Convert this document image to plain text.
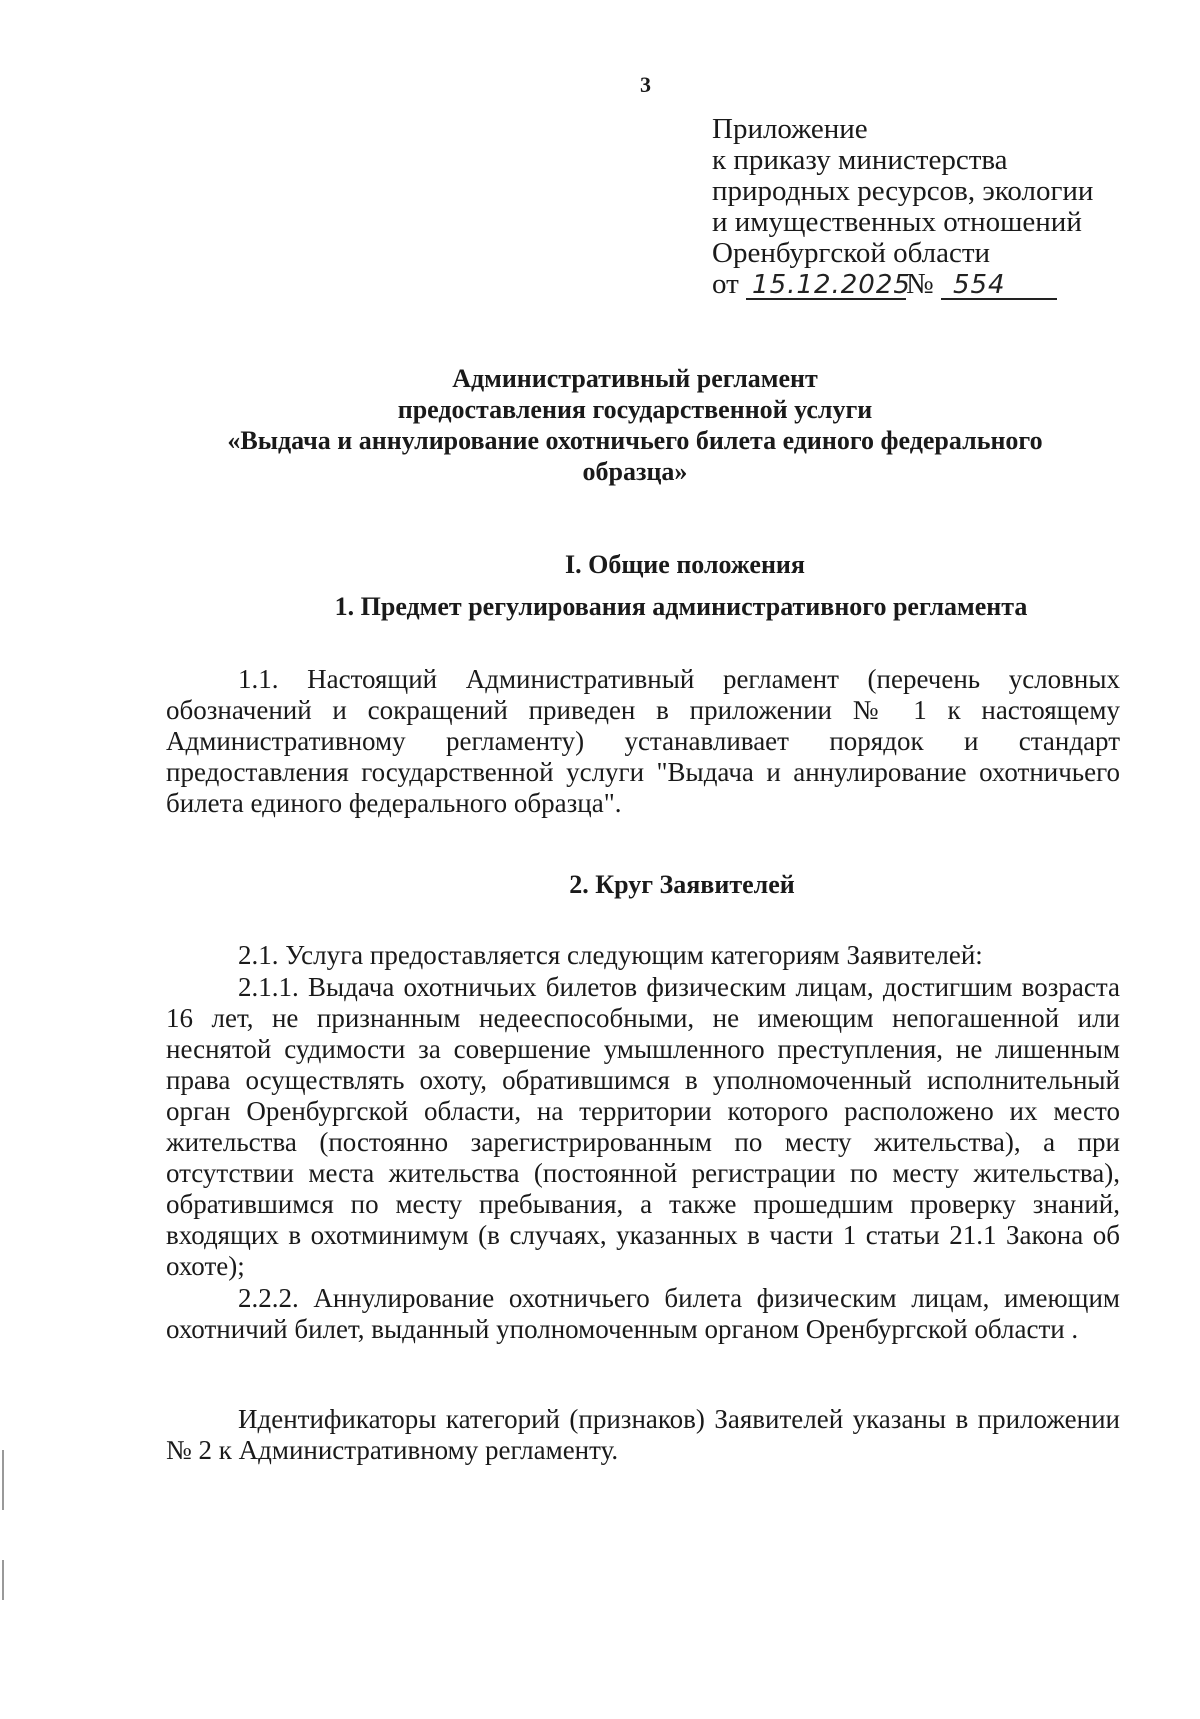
3
Приложение
к приказу министерства
природных ресурсов, экологии
и имущественных отношений
Оренбургской области
от 15.12.2025№ 554
Административный регламент
предоставления государственной услуги
«Выдача и аннулирование охотничьего билета единого федерального
образца»
I. Общие положения
1. Предмет регулирования административного регламента

1.1. Настоящий Административный регламент (перечень условных обозначений и сокращений приведен в приложении № 1 к настоящему Административному регламенту) устанавливает порядок и стандарт предоставления государственной услуги "Выдача и аннулирование охотничьего билета единого федерального образца".

2. Круг Заявителей

2.1. Услуга предоставляется следующим категориям Заявителей:

2.1.1. Выдача охотничьих билетов физическим лицам, достигшим возраста 16 лет, не признанным недееспособными, не имеющим непогашенной или неснятой судимости за совершение умышленного преступления, не лишенным права осуществлять охоту, обратившимся в уполномоченный исполнительный орган Оренбургской области, на территории которого расположено их место жительства (постоянно зарегистрированным по месту жительства), а при отсутствии места жительства (постоянной регистрации по месту жительства), обратившимся по месту пребывания, а также прошедшим проверку знаний, входящих в охотминимум (в случаях, указанных в части 1 статьи 21.1 Закона об охоте);

2.2.2. Аннулирование охотничьего билета физическим лицам, имеющим охотничий билет, выданный уполномоченным органом Оренбургской области .

Идентификаторы категорий (признаков) Заявителей указаны в приложении № 2 к Административному регламенту.
